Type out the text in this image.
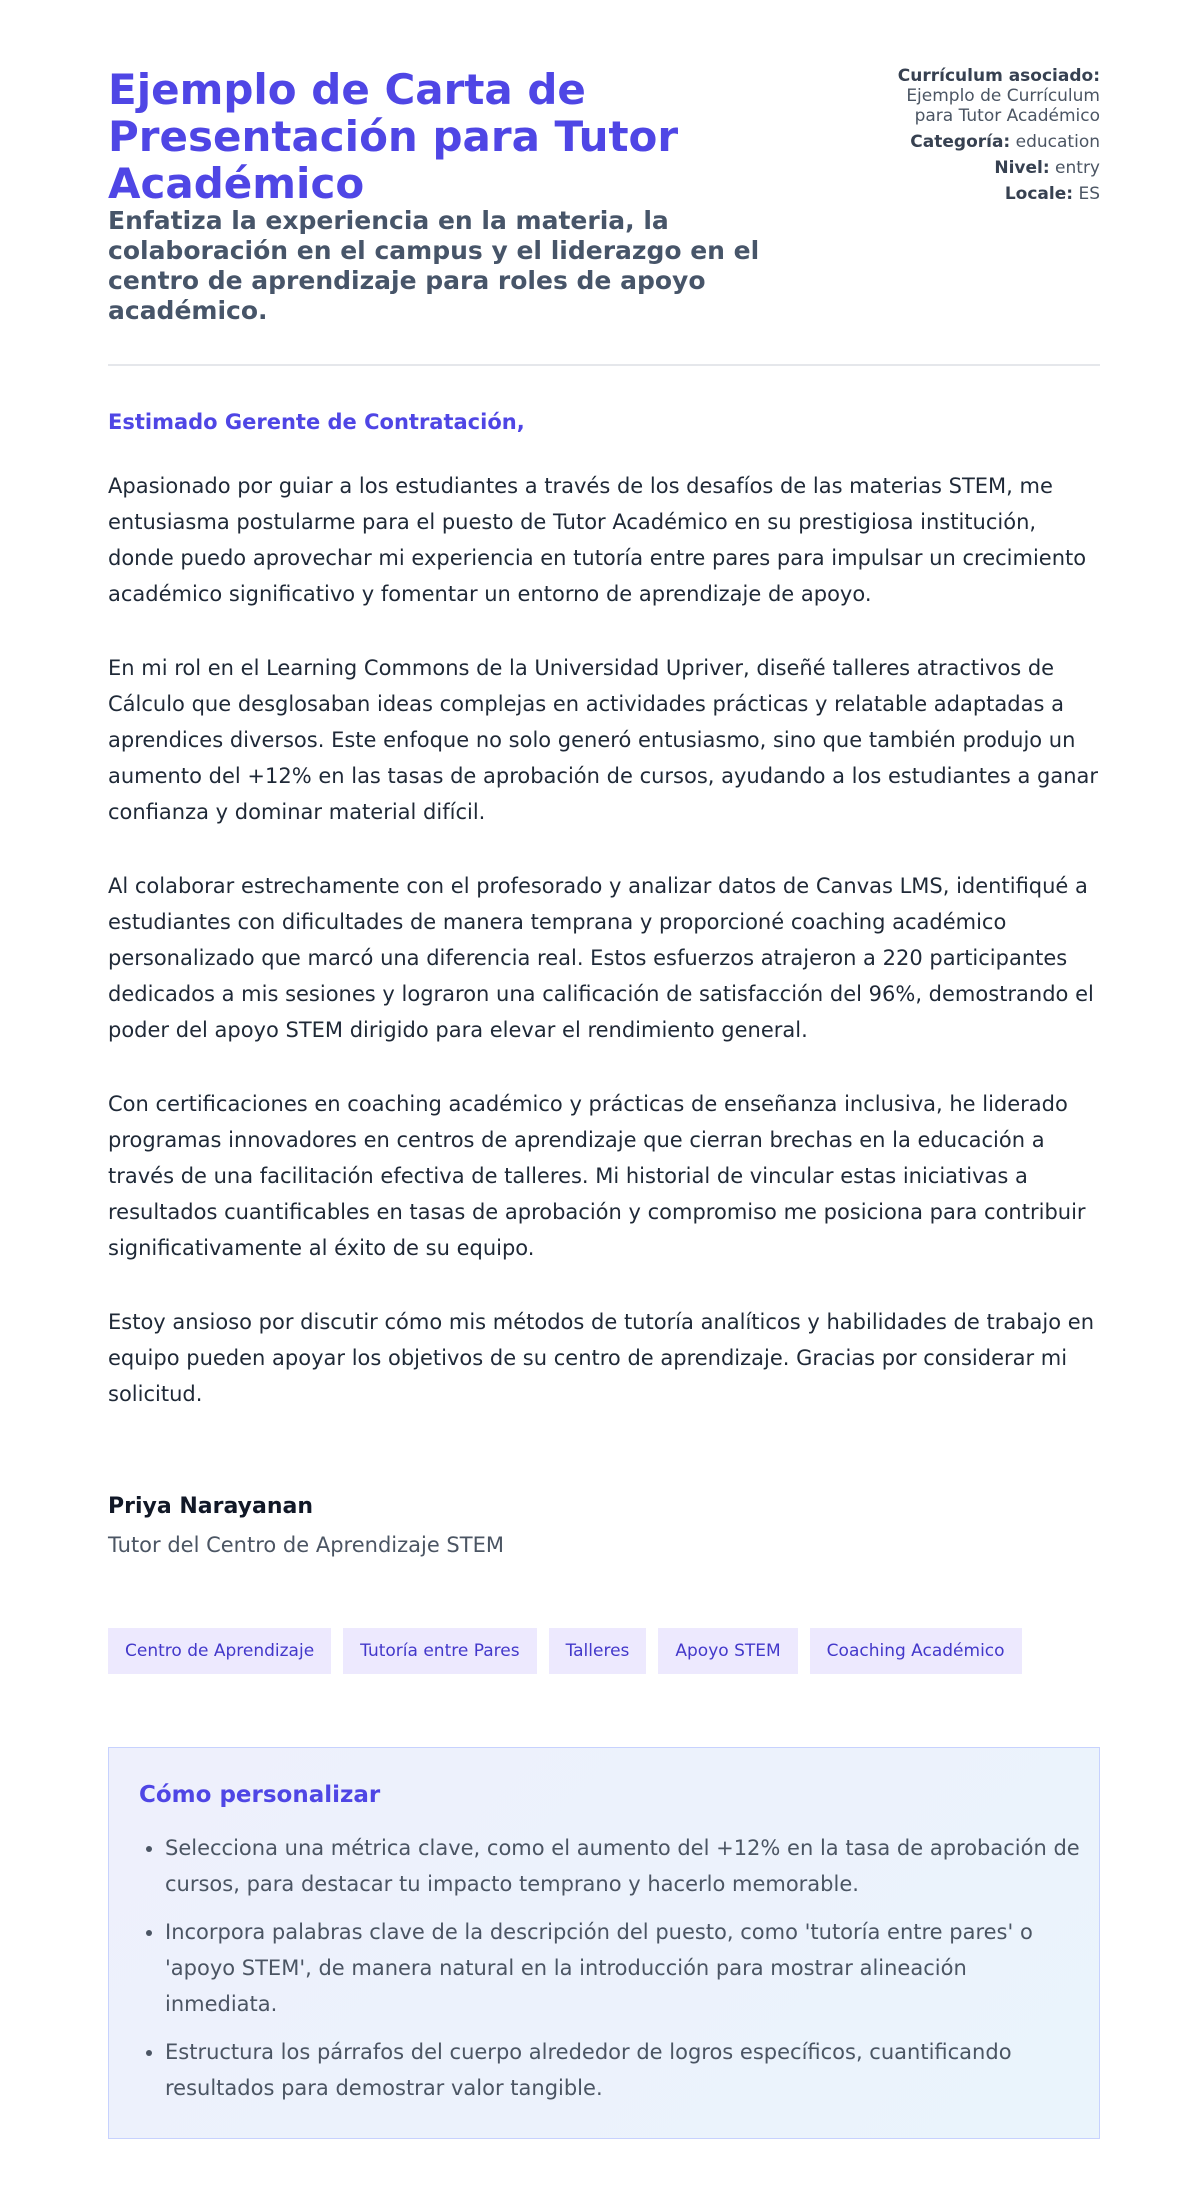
Ejemplo de Carta de Presentación para Tutor Académico
Enfatiza la experiencia en la materia, la colaboración en el campus y el liderazgo en el centro de aprendizaje para roles de apoyo académico.
Currículum asociado:
Ejemplo de Currículum para Tutor Académico
Categoría: education
Nivel: entry
Locale: ES

Estimado Gerente de Contratación,

Apasionado por guiar a los estudiantes a través de los desafíos de las materias STEM, me entusiasma postularme para el puesto de Tutor Académico en su prestigiosa institución, donde puedo aprovechar mi experiencia en tutoría entre pares para impulsar un crecimiento académico significativo y fomentar un entorno de aprendizaje de apoyo.

En mi rol en el Learning Commons de la Universidad Upriver, diseñé talleres atractivos de Cálculo que desglosaban ideas complejas en actividades prácticas y relatable adaptadas a aprendices diversos. Este enfoque no solo generó entusiasmo, sino que también produjo un aumento del +12% en las tasas de aprobación de cursos, ayudando a los estudiantes a ganar confianza y dominar material difícil.

Al colaborar estrechamente con el profesorado y analizar datos de Canvas LMS, identifiqué a estudiantes con dificultades de manera temprana y proporcioné coaching académico personalizado que marcó una diferencia real. Estos esfuerzos atrajeron a 220 participantes dedicados a mis sesiones y lograron una calificación de satisfacción del 96%, demostrando el poder del apoyo STEM dirigido para elevar el rendimiento general.

Con certificaciones en coaching académico y prácticas de enseñanza inclusiva, he liderado programas innovadores en centros de aprendizaje que cierran brechas en la educación a través de una facilitación efectiva de talleres. Mi historial de vincular estas iniciativas a resultados cuantificables en tasas de aprobación y compromiso me posiciona para contribuir significativamente al éxito de su equipo.

Estoy ansioso por discutir cómo mis métodos de tutoría analíticos y habilidades de trabajo en equipo pueden apoyar los objetivos de su centro de aprendizaje. Gracias por considerar mi solicitud.

Priya Narayanan

Tutor del Centro de Aprendizaje STEM

Centro de Aprendizaje	Tutoría entre Pares	Talleres	Apoyo STEM	Coaching Académico
Cómo personalizar
• Selecciona una métrica clave, como el aumento del +12% en la tasa de aprobación de cursos, para destacar tu impacto temprano y hacerlo memorable.
• Incorpora palabras clave de la descripción del puesto, como 'tutoría entre pares' o 'apoyo STEM', de manera natural en la introducción para mostrar alineación inmediata.
• Estructura los párrafos del cuerpo alrededor de logros específicos, cuantificando resultados para demostrar valor tangible.
